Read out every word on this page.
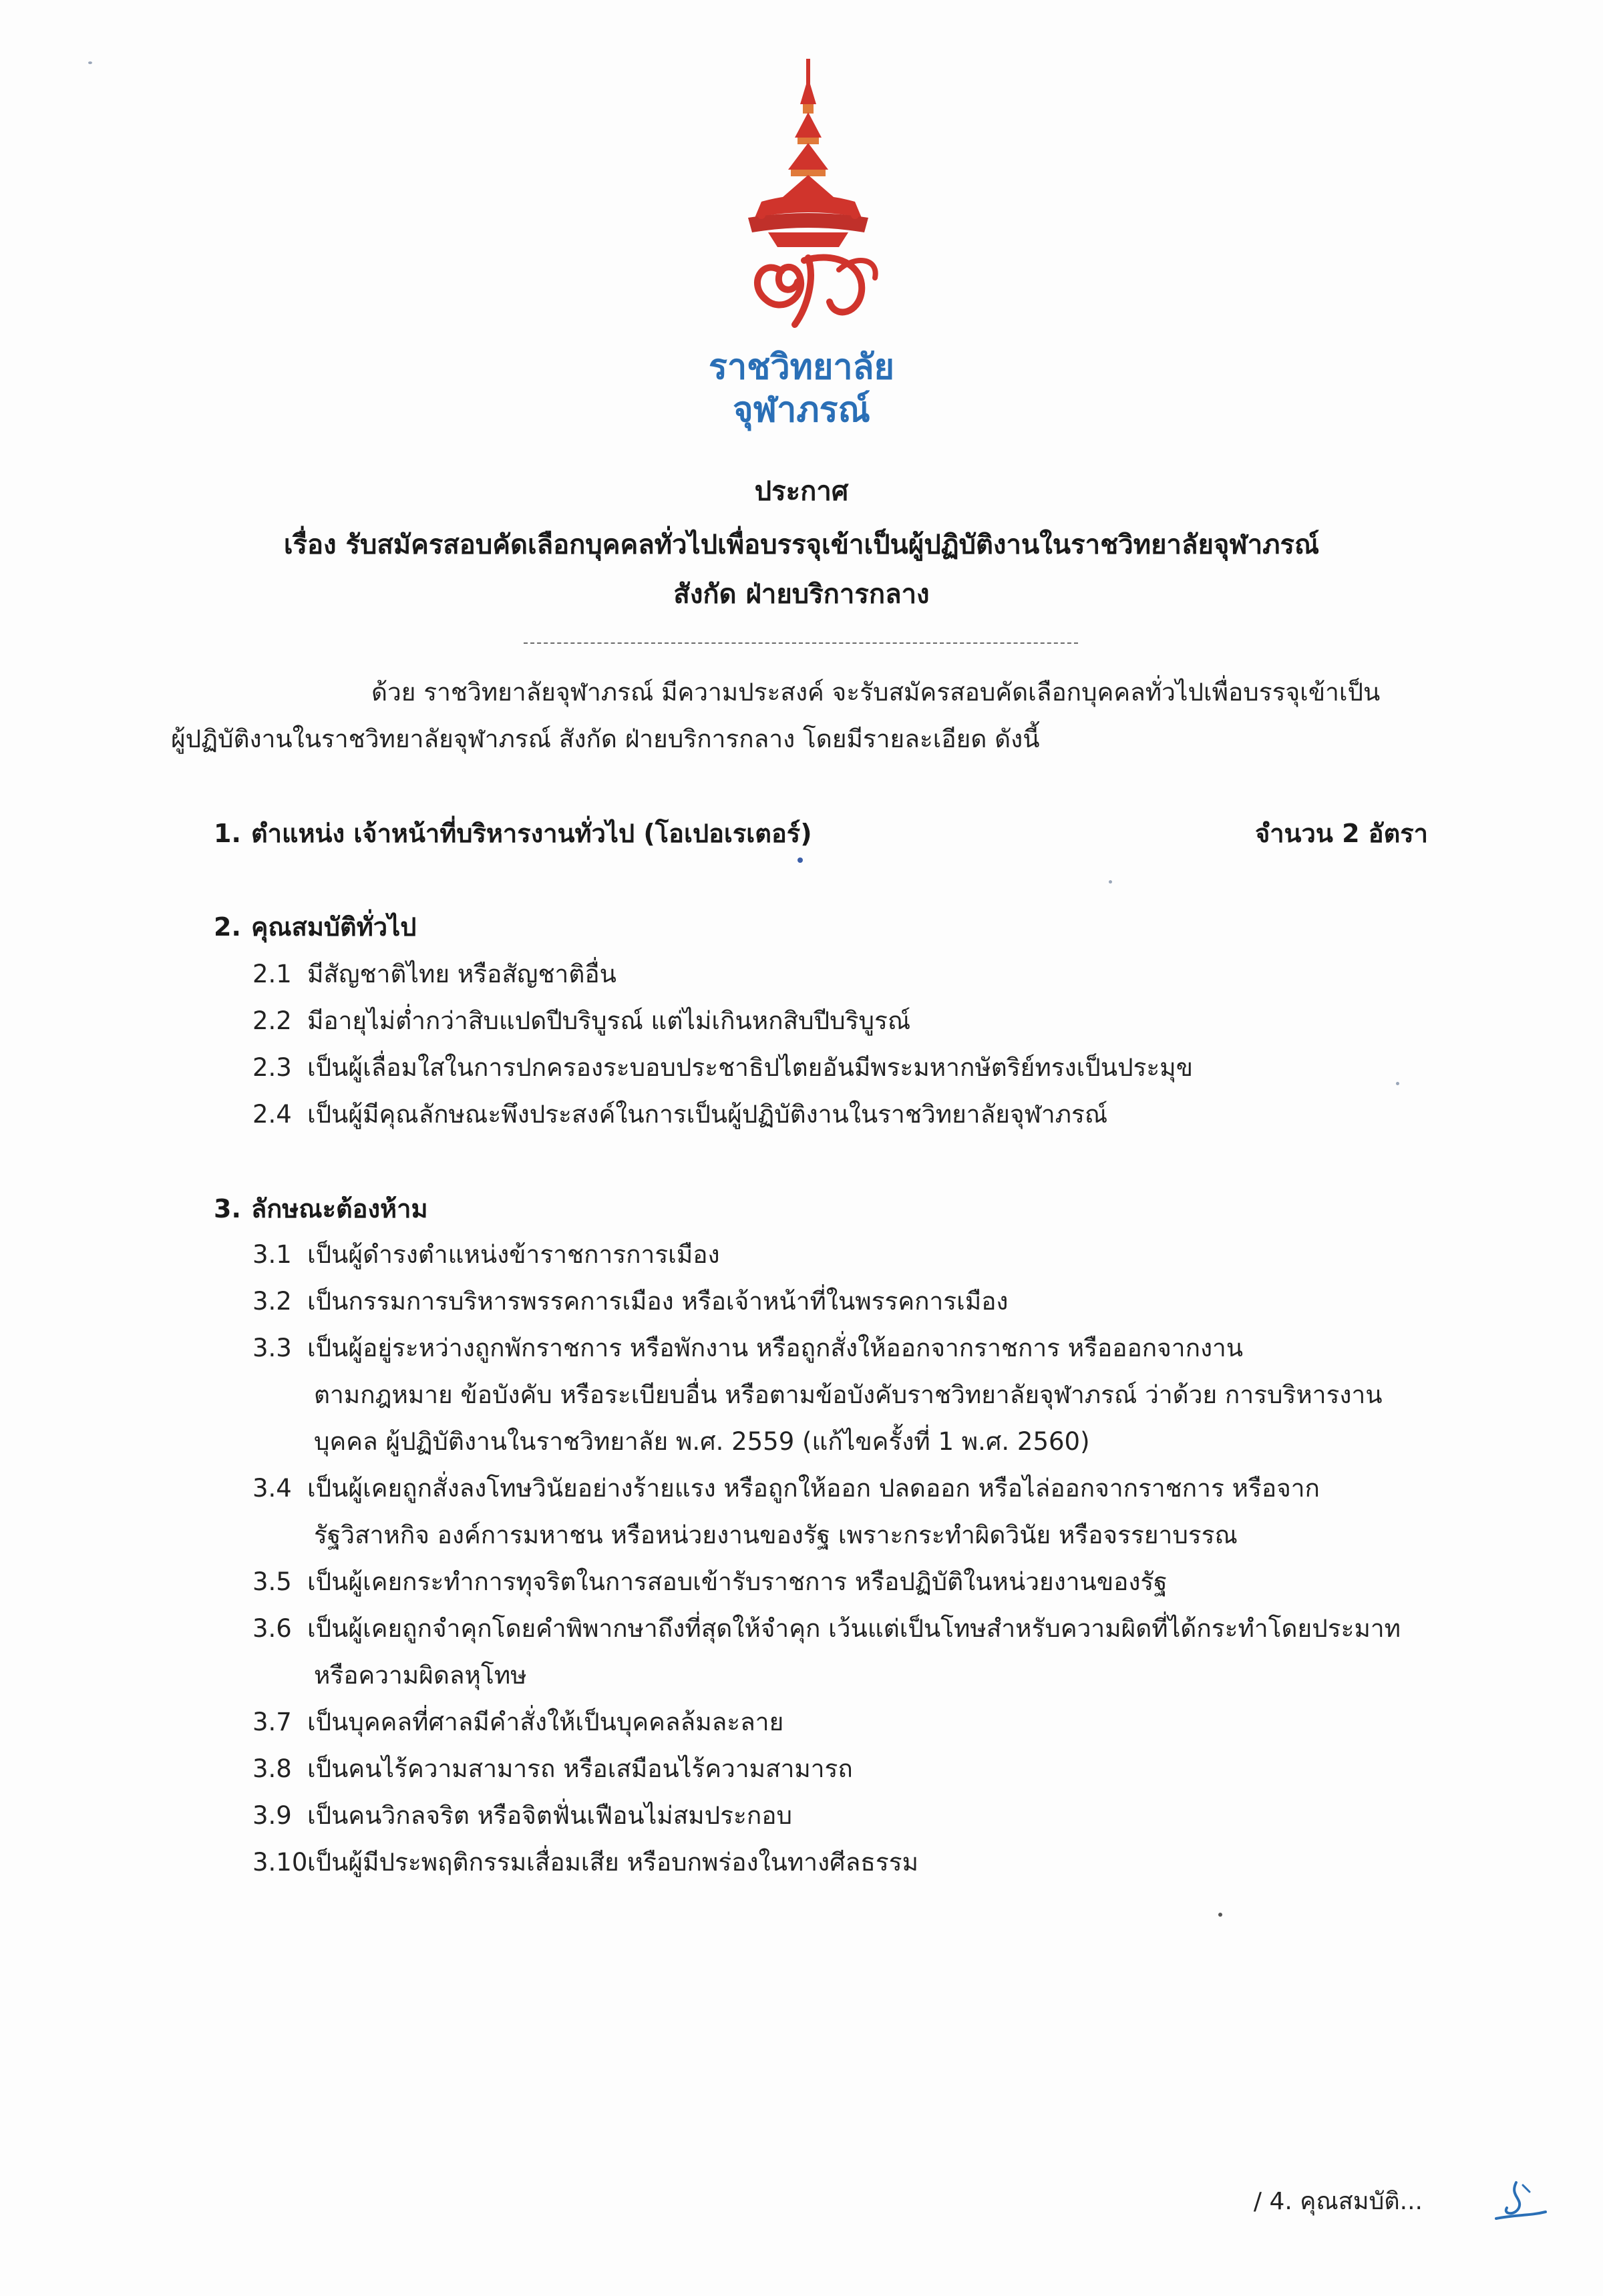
ราชวิทยาลัย
จุฬาภรณ์
ประกาศ
เรื่อง รับสมัครสอบคัดเลือกบุคคลทั่วไปเพื่อบรรจุเข้าเป็นผู้ปฏิบัติงานในราชวิทยาลัยจุฬาภรณ์
สังกัด ฝ่ายบริการกลาง
ด้วย ราชวิทยาลัยจุฬาภรณ์ มีความประสงค์ จะรับสมัครสอบคัดเลือกบุคคลทั่วไปเพื่อบรรจุเข้าเป็น
ผู้ปฏิบัติงานในราชวิทยาลัยจุฬาภรณ์ สังกัด ฝ่ายบริการกลาง โดยมีรายละเอียด ดังนี้
1. ตำแหน่ง เจ้าหน้าที่บริหารงานทั่วไป (โอเปอเรเตอร์)	จำนวน 2 อัตรา
2. คุณสมบัติทั่วไป
2.1 มีสัญชาติไทย หรือสัญชาติอื่น
2.2 มีอายุไม่ต่ำกว่าสิบแปดปีบริบูรณ์ แต่ไม่เกินหกสิบปีบริบูรณ์
2.3 เป็นผู้เลื่อมใสในการปกครองระบอบประชาธิปไตยอันมีพระมหากษัตริย์ทรงเป็นประมุข
2.4 เป็นผู้มีคุณลักษณะพึงประสงค์ในการเป็นผู้ปฏิบัติงานในราชวิทยาลัยจุฬาภรณ์
3. ลักษณะต้องห้าม
3.1 เป็นผู้ดำรงตำแหน่งข้าราชการการเมือง
3.2 เป็นกรรมการบริหารพรรคการเมือง หรือเจ้าหน้าที่ในพรรคการเมือง
3.3 เป็นผู้อยู่ระหว่างถูกพักราชการ หรือพักงาน หรือถูกสั่งให้ออกจากราชการ หรือออกจากงาน
ตามกฎหมาย ข้อบังคับ หรือระเบียบอื่น หรือตามข้อบังคับราชวิทยาลัยจุฬาภรณ์ ว่าด้วย การบริหารงาน
บุคคล ผู้ปฏิบัติงานในราชวิทยาลัย พ.ศ. 2559 (แก้ไขครั้งที่ 1 พ.ศ. 2560)
3.4 เป็นผู้เคยถูกสั่งลงโทษวินัยอย่างร้ายแรง หรือถูกให้ออก ปลดออก หรือไล่ออกจากราชการ หรือจาก
รัฐวิสาหกิจ องค์การมหาชน หรือหน่วยงานของรัฐ เพราะกระทำผิดวินัย หรือจรรยาบรรณ
3.5 เป็นผู้เคยกระทำการทุจริตในการสอบเข้ารับราชการ หรือปฏิบัติในหน่วยงานของรัฐ
3.6 เป็นผู้เคยถูกจำคุกโดยคำพิพากษาถึงที่สุดให้จำคุก เว้นแต่เป็นโทษสำหรับความผิดที่ได้กระทำโดยประมาท
หรือความผิดลหุโทษ
3.7 เป็นบุคคลที่ศาลมีคำสั่งให้เป็นบุคคลล้มละลาย
3.8 เป็นคนไร้ความสามารถ หรือเสมือนไร้ความสามารถ
3.9 เป็นคนวิกลจริต หรือจิตฟั่นเฟือนไม่สมประกอบ
3.10เป็นผู้มีประพฤติกรรมเสื่อมเสีย หรือบกพร่องในทางศีลธรรม
/ 4. คุณสมบัติ...
